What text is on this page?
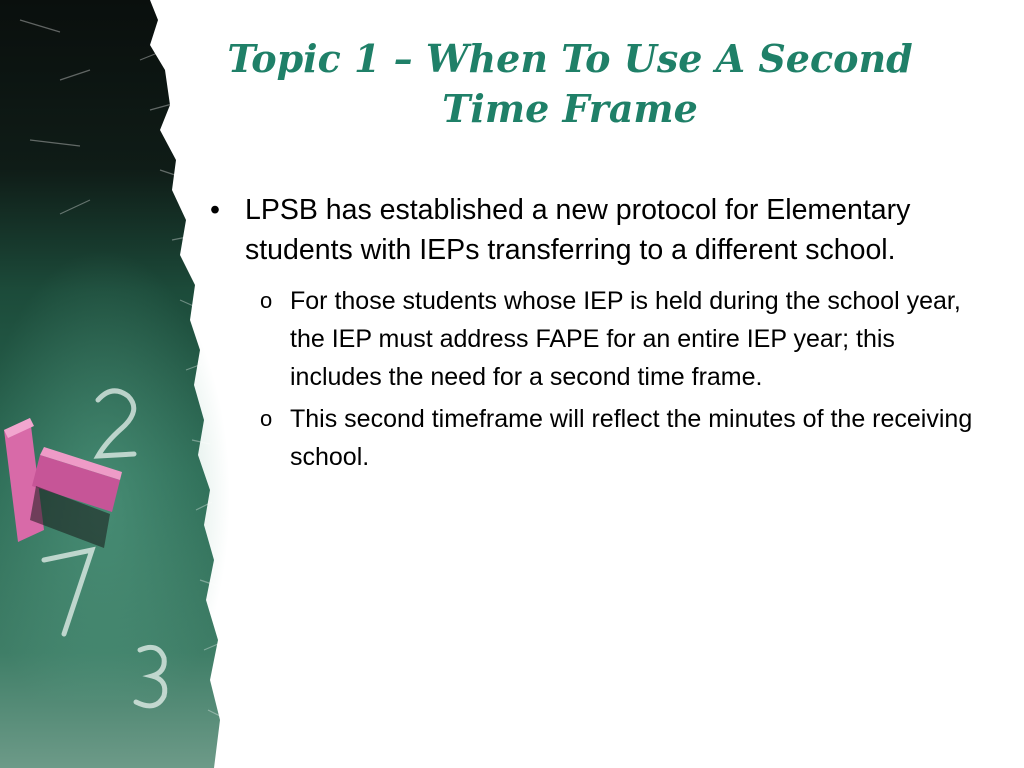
Topic 1 – When To Use A Second
Time Frame
• LPSB has established a new protocol for Elementary students with IEPs transferring to a different school.
o For those students whose IEP is held during the school year, the IEP must address FAPE for an entire IEP year; this includes the need for a second time frame.
o This second timeframe will reflect the minutes of the receiving school.
